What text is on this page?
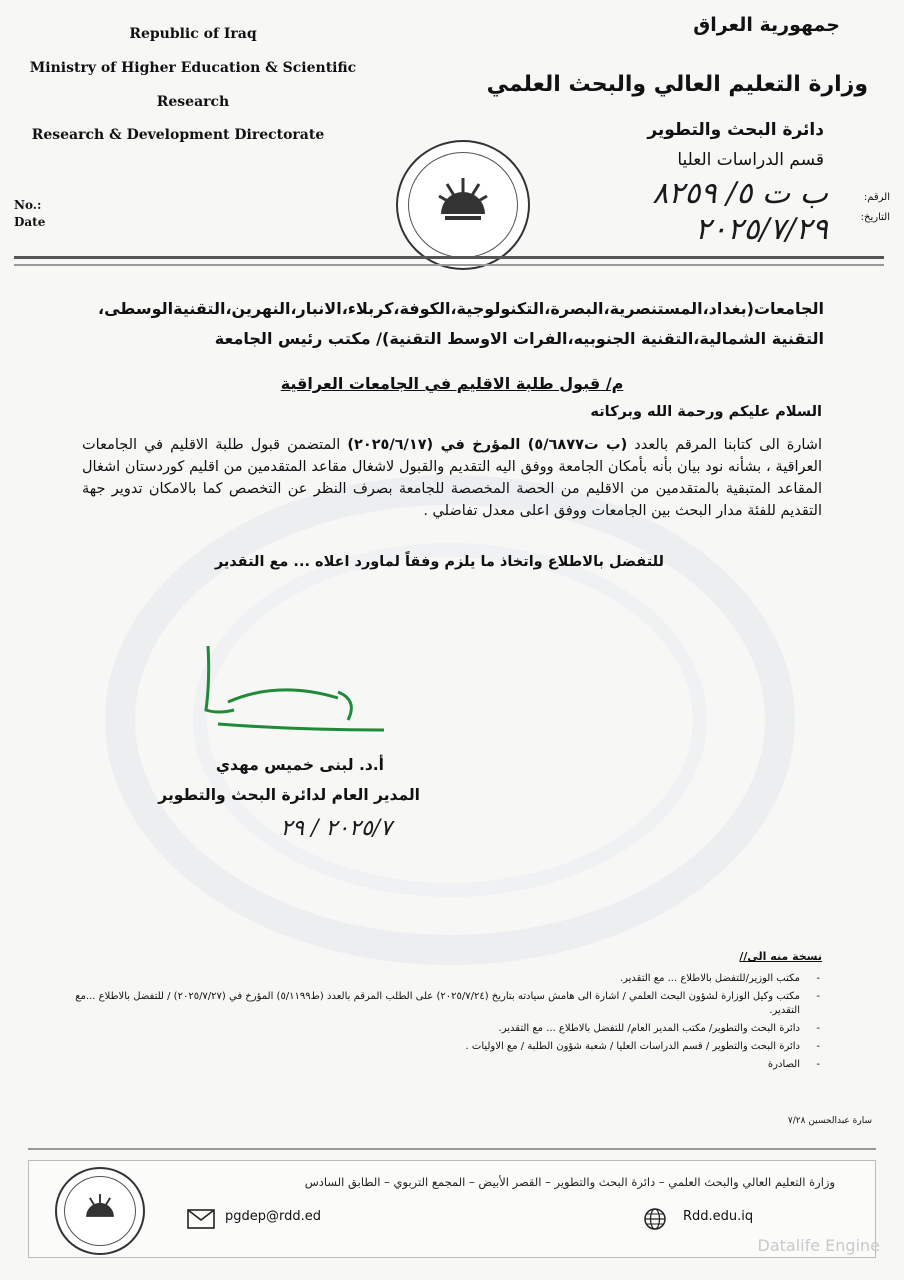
Republic of Iraq
Ministry of Higher Education & Scientific
Research
Research & Development Directorate
No.:
Date
جمهورية العراق
وزارة التعليم العالي والبحث العلمي
دائرة البحث والتطوير
قسم الدراسات العليا
الرقم:
التاريخ:
ب ت ٥/ ٨٢٥٩
٢٠٢٥/٧/٢٩
الجامعات(بغداد،المستنصرية،البصرة،التكنولوجية،الكوفة،كربلاء،الانبار،النهرين،التقنيةالوسطى،
التقنية الشمالية،التقنية الجنوبيه،الفرات الاوسط التقنية)/ مكتب رئيس الجامعة
م/ قبول طلبة الاقليم في الجامعات العراقية
السلام عليكم ورحمة الله وبركاته
اشارة الى كتابنا المرقم بالعدد (ب ت٥/٦٨٧٧) المؤرخ في (٢٠٢٥/٦/١٧) المتضمن قبول طلبة الاقليم في الجامعات العراقية ، بشأنه نود بيان بأنه بأمكان الجامعة ووفق اليه التقديم والقبول لاشغال مقاعد المتقدمين من اقليم كوردستان اشغال المقاعد المتبقية بالمتقدمين من الاقليم من الحصة المخصصة للجامعة بصرف النظر عن التخصص كما بالامكان تدوير جهة التقديم للفئة مدار البحث بين الجامعات ووفق اعلى معدل تفاضلي .
للتفضل بالاطلاع واتخاذ ما يلزم وفقاً لماورد اعلاه ... مع التقدير
أ.د. لبنى خميس مهدي
المدير العام لدائرة البحث والتطوير
٢٠٢٥/٧ / ٢٩
نسخة منه الى//
- مكتب الوزير/للتفضل بالاطلاع ... مع التقدير.
- مكتب وكيل الوزارة لشؤون البحث العلمي / اشارة الى هامش سيادته بتاريخ (٢٠٢٥/٧/٢٤) على الطلب المرقم بالعدد (ط٥/١١٩٩) المؤرخ في (٢٠٢٥/٧/٢٧) / للتفضل بالاطلاع ...مع التقدير.
- دائرة البحث والتطوير/ مكتب المدير العام/ للتفضل بالاطلاع ... مع التقدير.
- دائرة البحث والتطوير / قسم الدراسات العليا / شعبة شؤون الطلبة / مع الاوليات .
- الصادرة
سارة عبدالحسين ٧/٢٨
وزارة التعليم العالي والبحث العلمي – دائرة البحث والتطوير – القصر الأبيض – المجمع التربوي – الطابق السادس
pgdep@rdd.ed	Rdd.edu.iq
Datalife Engine
